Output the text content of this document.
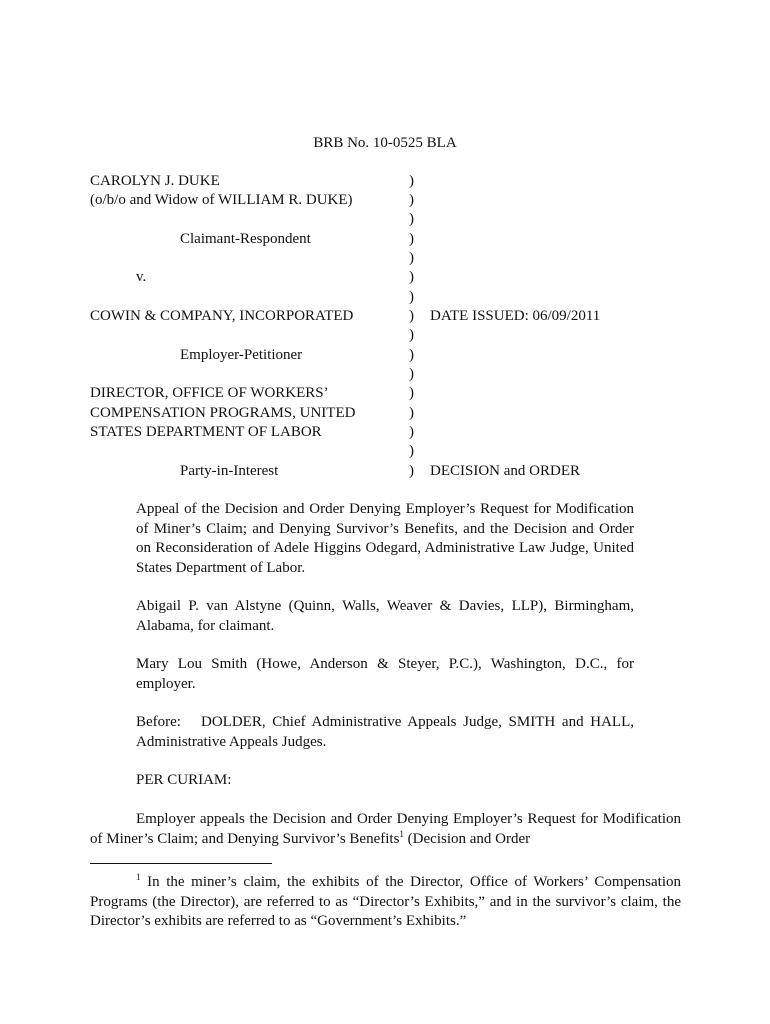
BRB No. 10-0525 BLA
CAROLYN J. DUKE	)
(o/b/o and Widow of WILLIAM R. DUKE)	)
)
Claimant-Respondent	)
)
v.	)
)
COWIN & COMPANY, INCORPORATED	) DATE ISSUED: 06/09/2011
)
Employer-Petitioner	)
)
DIRECTOR, OFFICE OF WORKERS’	)
COMPENSATION PROGRAMS, UNITED	)
STATES DEPARTMENT OF LABOR	)
)
Party-in-Interest	) DECISION and ORDER

Appeal of the Decision and Order Denying Employer’s Request for Modification of Miner’s Claim; and Denying Survivor’s Benefits, and the Decision and Order on Reconsideration of Adele Higgins Odegard, Administrative Law Judge, United States Department of Labor.

Abigail P. van Alstyne (Quinn, Walls, Weaver & Davies, LLP), Birmingham, Alabama, for claimant.

Mary Lou Smith (Howe, Anderson & Steyer, P.C.), Washington, D.C., for employer.

Before:   DOLDER, Chief Administrative Appeals Judge, SMITH and HALL, Administrative Appeals Judges.

PER CURIAM:

Employer appeals the Decision and Order Denying Employer’s Request for Modification of Miner’s Claim; and Denying Survivor’s Benefits$^1$ (Decision and Order

$^1$ In the miner’s claim, the exhibits of the Director, Office of Workers’ Compensation Programs (the Director), are referred to as “Director’s Exhibits,” and in the survivor’s claim, the Director’s exhibits are referred to as “Government’s Exhibits.”
